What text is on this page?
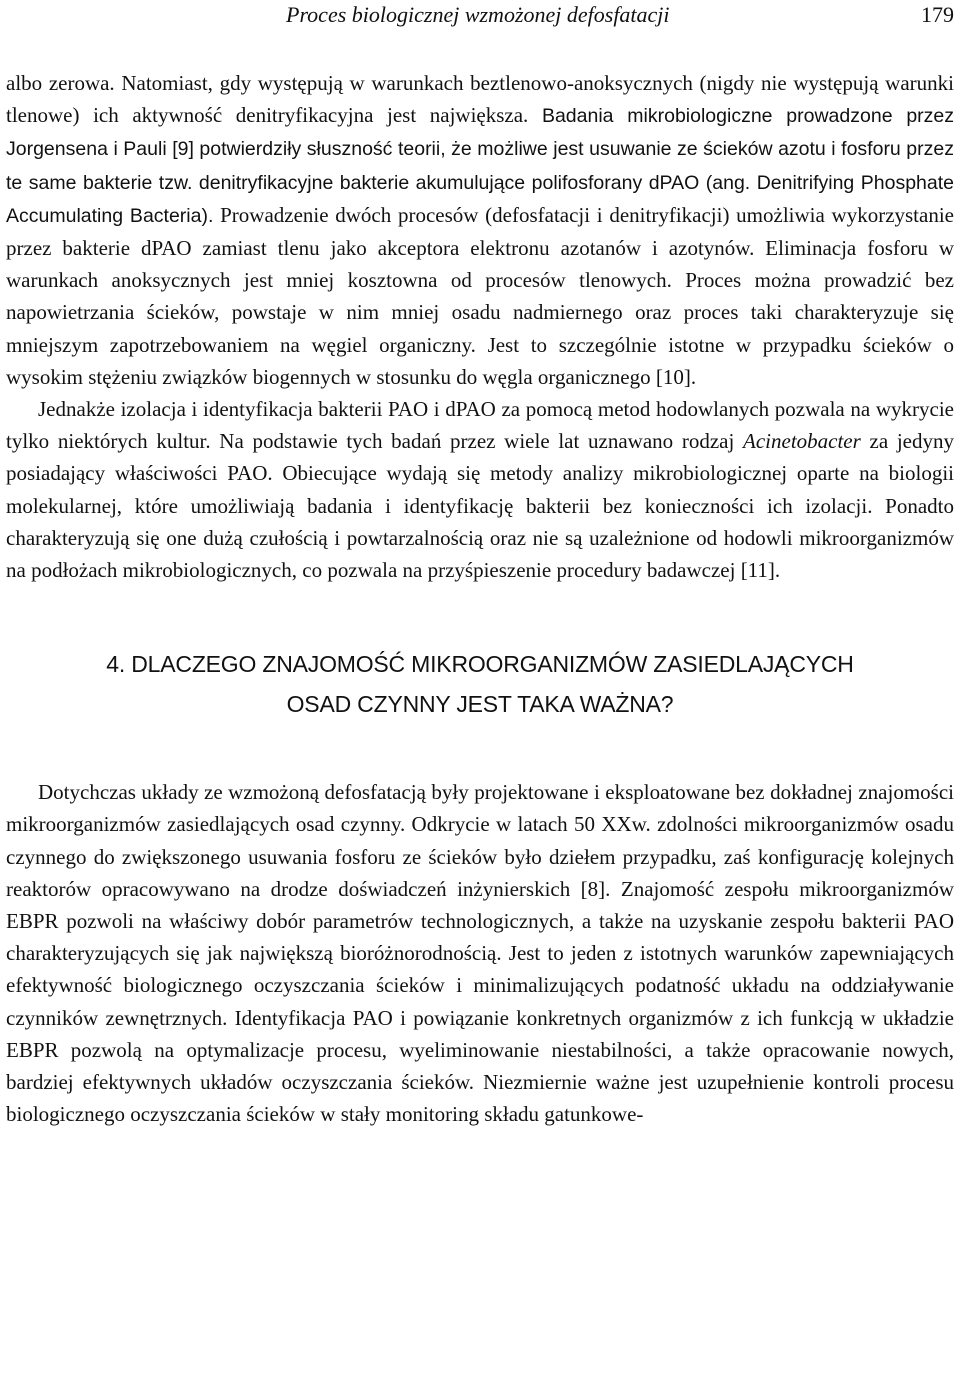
Proces biologicznej wzmożonej defosfatacji	179

albo zerowa. Natomiast, gdy występują w warunkach beztlenowo-anoksycznych (nigdy nie występują warunki tlenowe) ich aktywność denitryfikacyjna jest największa. Badania mikrobiologiczne prowadzone przez Jorgensena i Pauli [9] potwierdziły słuszność teorii, że możliwe jest usuwanie ze ścieków azotu i fosforu przez te same bakterie tzw. denitryfikacyjne bakterie akumulujące polifosforany dPAO (ang. Denitrifying Phosphate Accumulating Bacteria). Prowadzenie dwóch procesów (defosfatacji i denitryfikacji) umożliwia wykorzystanie przez bakterie dPAO zamiast tlenu jako akceptora elektronu azotanów i azotynów. Eliminacja fosforu w warunkach anoksycznych jest mniej kosztowna od procesów tlenowych. Proces można prowadzić bez napowietrzania ścieków, powstaje w nim mniej osadu nadmiernego oraz proces taki charakteryzuje się mniejszym zapotrzebowaniem na węgiel organiczny. Jest to szczególnie istotne w przypadku ścieków o wysokim stężeniu związków biogennych w stosunku do węgla organicznego [10].

Jednakże izolacja i identyfikacja bakterii PAO i dPAO za pomocą metod hodowlanych pozwala na wykrycie tylko niektórych kultur. Na podstawie tych badań przez wiele lat uznawano rodzaj Acinetobacter za jedyny posiadający właściwości PAO. Obiecujące wydają się metody analizy mikrobiologicznej oparte na biologii molekularnej, które umożliwiają badania i identyfikację bakterii bez konieczności ich izolacji. Ponadto charakteryzują się one dużą czułością i powtarzalnością oraz nie są uzależnione od hodowli mikroorganizmów na podłożach mikrobiologicznych, co pozwala na przyśpieszenie procedury badawczej [11].

4. DLACZEGO ZNAJOMOŚĆ MIKROORGANIZMÓW ZASIEDLAJĄCYCH
OSAD CZYNNY JEST TAKA WAŻNA?

Dotychczas układy ze wzmożoną defosfatacją były projektowane i eksploatowane bez dokładnej znajomości mikroorganizmów zasiedlających osad czynny. Odkrycie w latach 50 XXw. zdolności mikroorganizmów osadu czynnego do zwiększonego usuwania fosforu ze ścieków było dziełem przypadku, zaś konfigurację kolejnych reaktorów opracowywano na drodze doświadczeń inżynierskich [8]. Znajomość zespołu mikroorganizmów EBPR pozwoli na właściwy dobór parametrów technologicznych, a także na uzyskanie zespołu bakterii PAO charakteryzujących się jak największą bioróżnorodnością. Jest to jeden z istotnych warunków zapewniających efektywność biologicznego oczyszczania ścieków i minimalizujących podatność układu na oddziaływanie czynników zewnętrznych. Identyfikacja PAO i powiązanie konkretnych organizmów z ich funkcją w układzie EBPR pozwolą na optymalizacje procesu, wyeliminowanie niestabilności, a także opracowanie nowych, bardziej efektywnych układów oczyszczania ścieków. Niezmiernie ważne jest uzupełnienie kontroli procesu biologicznego oczyszczania ścieków w stały monitoring składu gatunkowe-
